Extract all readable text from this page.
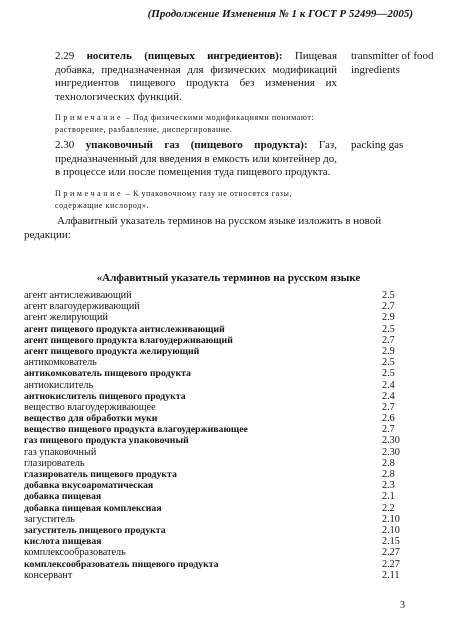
(Продолжение Изменения № 1 к ГОСТ Р 52499—2005)
2.29 носитель (пищевых ингредиентов): Пищевая добавка, предназначенная для физических модификаций ингредиентов пищевого продукта без изменения их технологических функций.
transmitter of food ingredients
Примечание – Под физическими модификациями понимают: растворение, разбавление, диспергирование.
2.30 упаковочный газ (пищевого продукта): Газ, предназначенный для введения в емкость или контейнер до, в процессе или после помещения туда пищевого продукта.
packing gas
Примечание – К упаковочному газу не относятся газы, содержащие кислород».
Алфавитный указатель терминов на русском языке изложить в новой редакции:
«Алфавитный указатель терминов на русском языке
агент антислеживающий	2.5
агент влагоудерживающий	2.7
агент желирующий	2.9
агент пищевого продукта антислеживающий	2.5
агент пищевого продукта влагоудерживающий	2.7
агент пищевого продукта желирующий	2.9
антикомкователь	2.5
антикомкователь пищевого продукта	2.5
антиокислитель	2.4
антиокислитель пищевого продукта	2.4
вещество влагоудерживающее	2.7
вещество для обработки муки	2.6
вещество пищевого продукта влагоудерживающее	2.7
газ пищевого продукта упаковочный	2.30
газ упаковочный	2.30
глазирователь	2.8
глазирователь пищевого продукта	2.8
добавка вкусоароматическая	2.3
добавка пищевая	2.1
добавка пищевая комплексная	2.2
загуститель	2.10
загуститель пищевого продукта	2.10
кислота пищевая	2.15
комплексообразователь	2.27
комплексообразователь пищевого продукта	2.27
консервант	2.11
3
